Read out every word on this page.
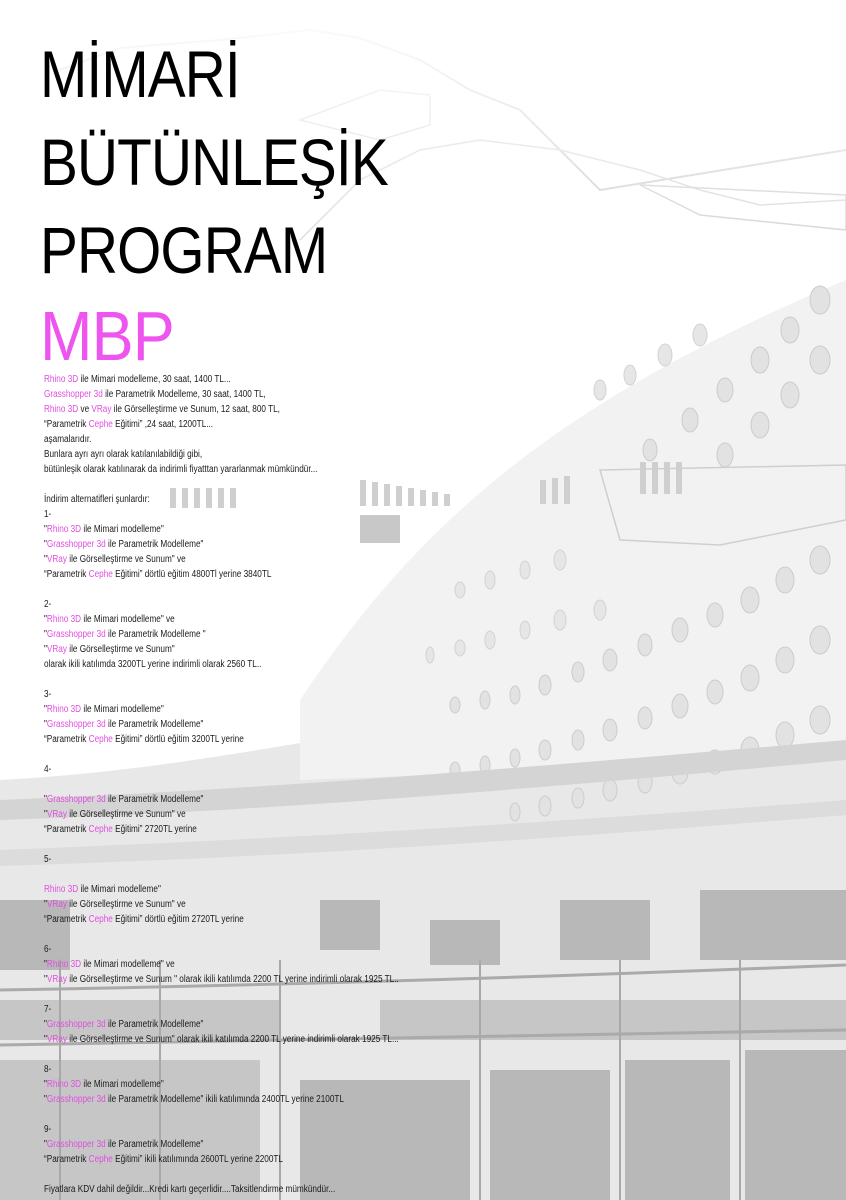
MİMARİ
BÜTÜNLEŞİK
PROGRAM
MBP
Rhino 3D ile Mimari modelleme, 30 saat, 1400 TL...
Grasshopper 3d ile Parametrik Modelleme, 30 saat, 1400 TL,
Rhino 3D ve VRay ile Görselleştirme ve Sunum, 12 saat, 800 TL,
“Parametrik Cephe Eğitimi” ,24 saat, 1200TL...
aşamalarıdır.
Bunlara ayrı ayrı olarak katılanılabildiği gibi,
bütünleşik olarak katılınarak da indirimli fiyatttan yararlanmak mümkündür...
İndirim alternatifleri şunlardır:
1-
"Rhino 3D ile Mimari modelleme"
"Grasshopper 3d ile Parametrik Modelleme"
"VRay ile Görselleştirme ve Sunum" ve
“Parametrik Cephe Eğitimi” dörtlü eğitim 4800Tl yerine 3840TL
2-
"Rhino 3D ile Mimari modelleme" ve
"Grasshopper 3d ile Parametrik Modelleme "
"VRay ile Görselleştirme ve Sunum"
olarak ikili katılımda 3200TL yerine indirimli olarak 2560 TL..
3-
"Rhino 3D ile Mimari modelleme"
"Grasshopper 3d ile Parametrik Modelleme"
“Parametrik Cephe Eğitimi” dörtlü eğitim 3200TL yerine
4-
"Grasshopper 3d ile Parametrik Modelleme"
"VRay ile Görselleştirme ve Sunum" ve
“Parametrik Cephe Eğitimi” 2720TL yerine
5-
Rhino 3D ile Mimari modelleme"
"VRay ile Görselleştirme ve Sunum" ve
“Parametrik Cephe Eğitimi” dörtlü eğitim 2720TL yerine
6-
"Rhino 3D ile Mimari modelleme" ve
"VRay ile Görselleştirme ve Sunum " olarak ikili katılımda 2200 TL yerine indirimli olarak 1925 TL..
7-
"Grasshopper 3d ile Parametrik Modelleme"
"VRay ile Görselleştirme ve Sunum" olarak ikili katılımda 2200 TL yerine indirimli olarak 1925 TL...
8-
"Rhino 3D ile Mimari modelleme"
"Grasshopper 3d ile Parametrik Modelleme" ikili katılımında 2400TL yerine 2100TL
9-
"Grasshopper 3d ile Parametrik Modelleme"
“Parametrik Cephe Eğitimi” ikili katılımında 2600TL yerine 2200TL
Fiyatlara KDV dahil değildir...Kredi kartı geçerlidir....Taksitlendirme mümkündür...
